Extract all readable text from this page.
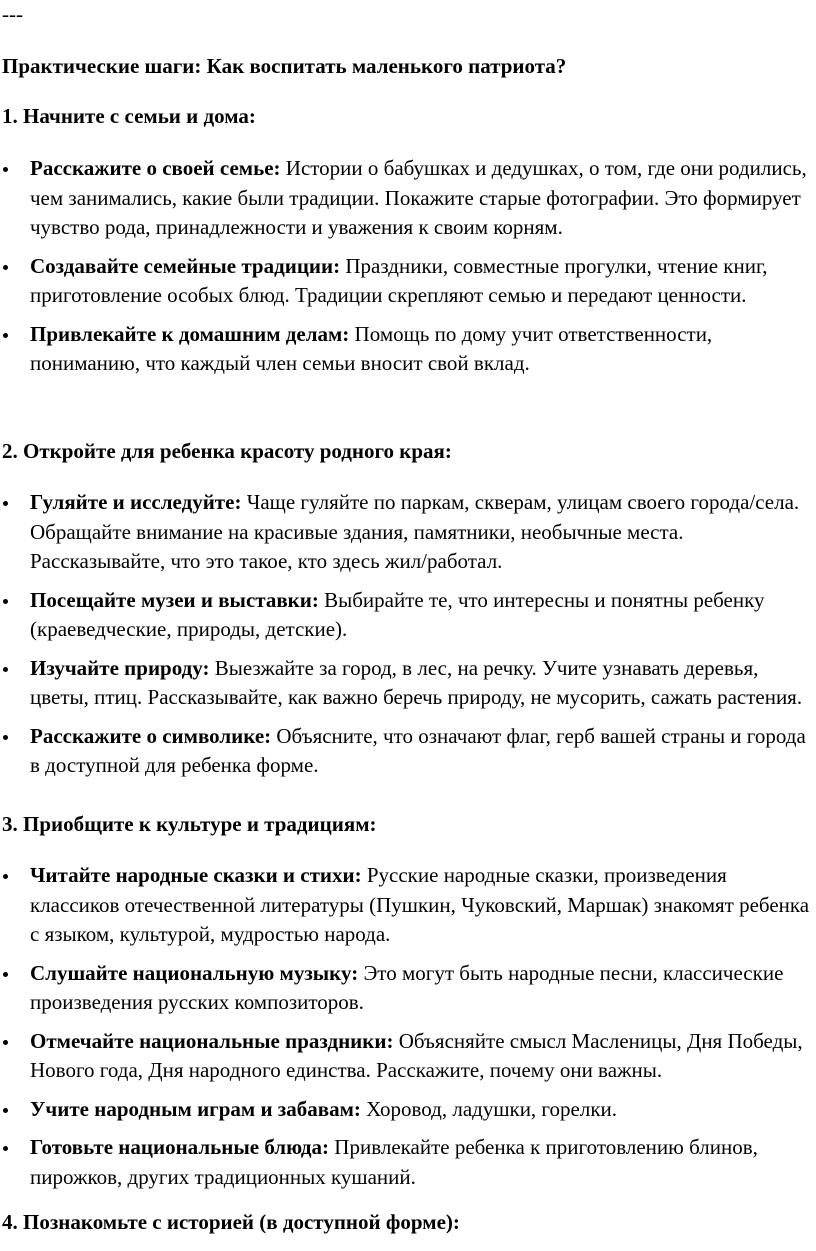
---
Практические шаги: Как воспитать маленького патриота?
1. Начните с семьи и дома:
Расскажите о своей семье: Истории о бабушках и дедушках, о том, где они родились, чем занимались, какие были традиции. Покажите старые фотографии. Это формирует чувство рода, принадлежности и уважения к своим корням.
Создавайте семейные традиции: Праздники, совместные прогулки, чтение книг, приготовление особых блюд. Традиции скрепляют семью и передают ценности.
Привлекайте к домашним делам: Помощь по дому учит ответственности, пониманию, что каждый член семьи вносит свой вклад.
2. Откройте для ребенка красоту родного края:
Гуляйте и исследуйте: Чаще гуляйте по паркам, скверам, улицам своего города/села. Обращайте внимание на красивые здания, памятники, необычные места. Рассказывайте, что это такое, кто здесь жил/работал.
Посещайте музеи и выставки: Выбирайте те, что интересны и понятны ребенку (краеведческие, природы, детские).
Изучайте природу: Выезжайте за город, в лес, на речку. Учите узнавать деревья, цветы, птиц. Рассказывайте, как важно беречь природу, не мусорить, сажать растения.
Расскажите о символике: Объясните, что означают флаг, герб вашей страны и города в доступной для ребенка форме.
3. Приобщите к культуре и традициям:
Читайте народные сказки и стихи: Русские народные сказки, произведения классиков отечественной литературы (Пушкин, Чуковский, Маршак) знакомят ребенка с языком, культурой, мудростью народа.
Слушайте национальную музыку: Это могут быть народные песни, классические произведения русских композиторов.
Отмечайте национальные праздники: Объясняйте смысл Масленицы, Дня Победы, Нового года, Дня народного единства. Расскажите, почему они важны.
Учите народным играм и забавам: Хоровод, ладушки, горелки.
Готовьте национальные блюда: Привлекайте ребенка к приготовлению блинов, пирожков, других традиционных кушаний.
4. Познакомьте с историей (в доступной форме):
